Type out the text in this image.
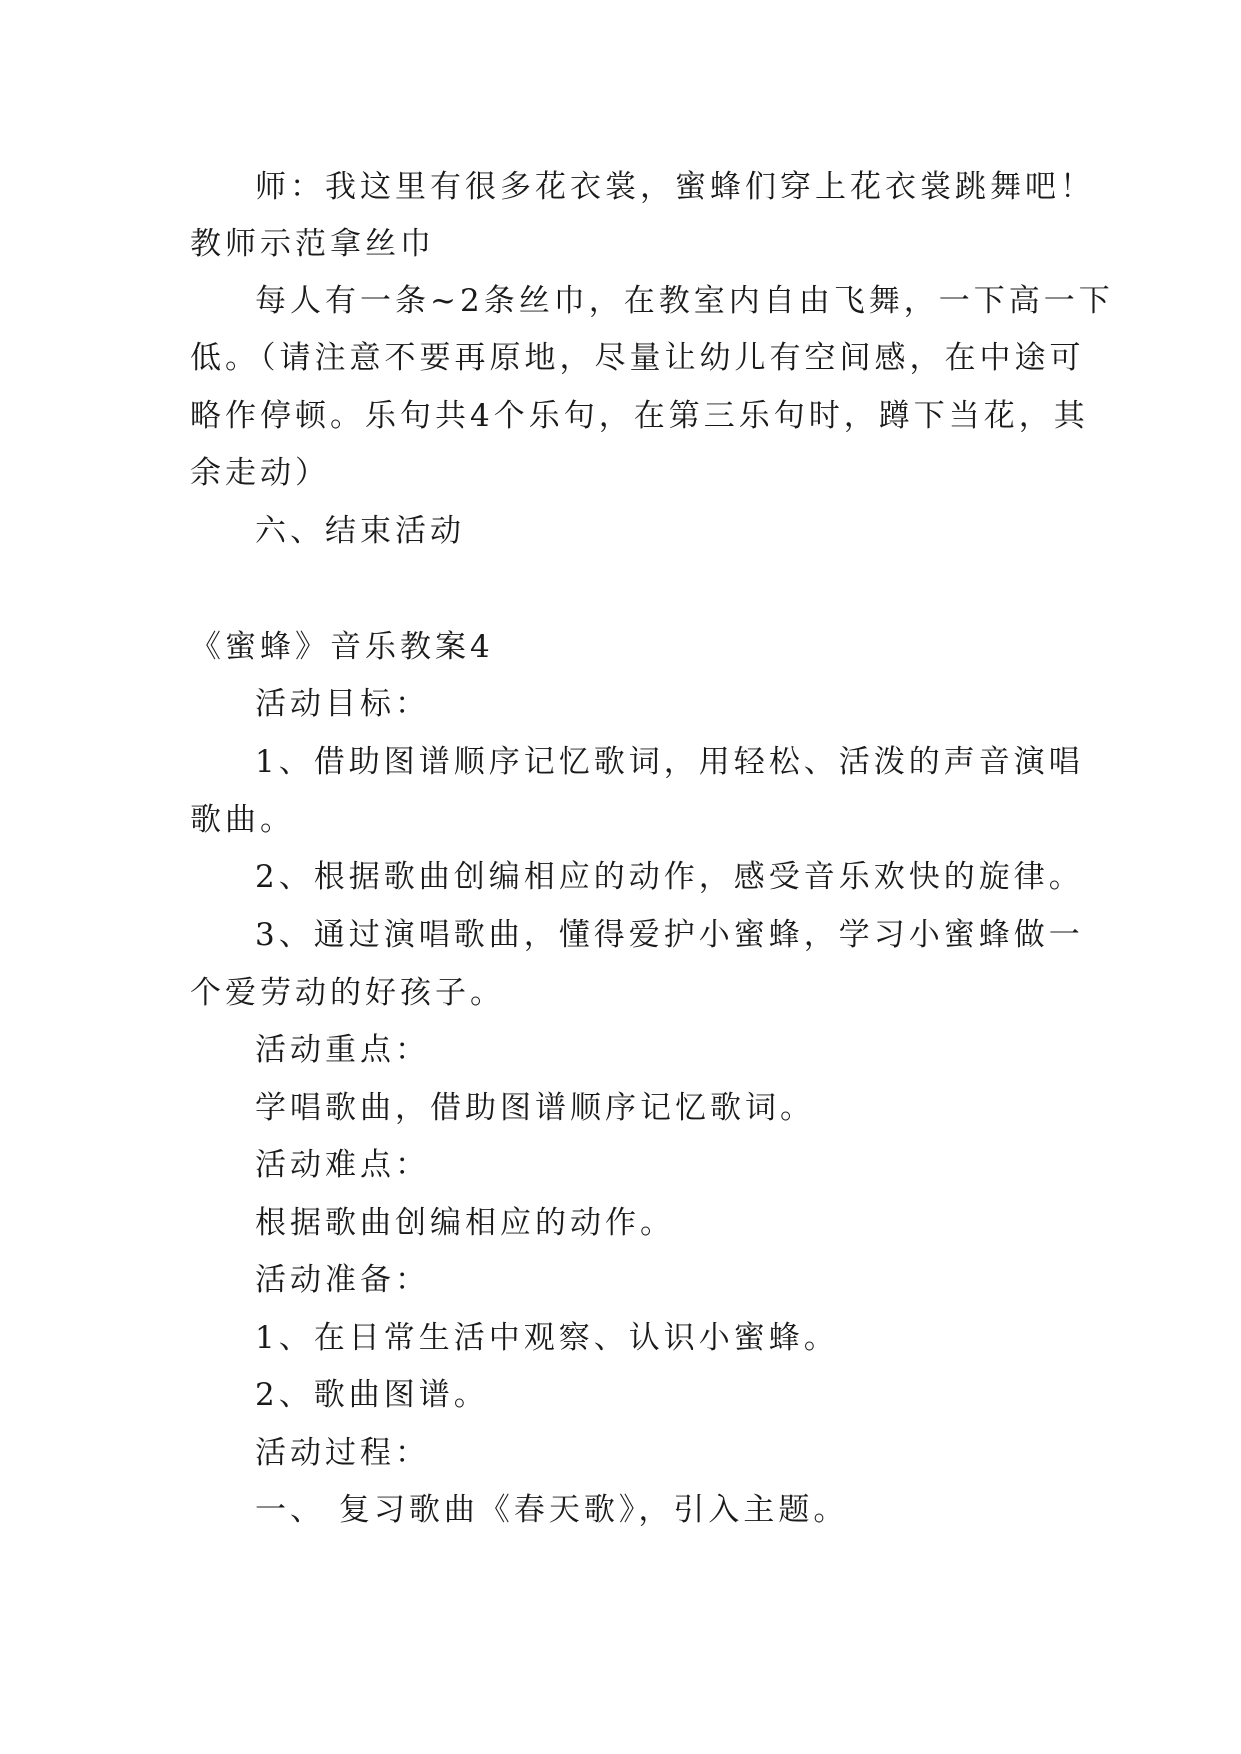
师：我这里有很多花衣裳，蜜蜂们穿上花衣裳跳舞吧！
教师示范拿丝巾
每人有一条~2条丝巾，在教室内自由飞舞，一下高一下
低。（请注意不要再原地，尽量让幼儿有空间感，在中途可
略作停顿。乐句共4个乐句，在第三乐句时，蹲下当花，其
余走动）
六、结束活动
《蜜蜂》音乐教案4
活动目标：
1、借助图谱顺序记忆歌词，用轻松、活泼的声音演唱
歌曲。
2、根据歌曲创编相应的动作，感受音乐欢快的旋律。
3、通过演唱歌曲，懂得爱护小蜜蜂，学习小蜜蜂做一
个爱劳动的好孩子。
活动重点：
学唱歌曲，借助图谱顺序记忆歌词。
活动难点：
根据歌曲创编相应的动作。
活动准备：
1、在日常生活中观察、认识小蜜蜂。
2、歌曲图谱。
活动过程：
一、 复习歌曲《春天歌》，引入主题。
